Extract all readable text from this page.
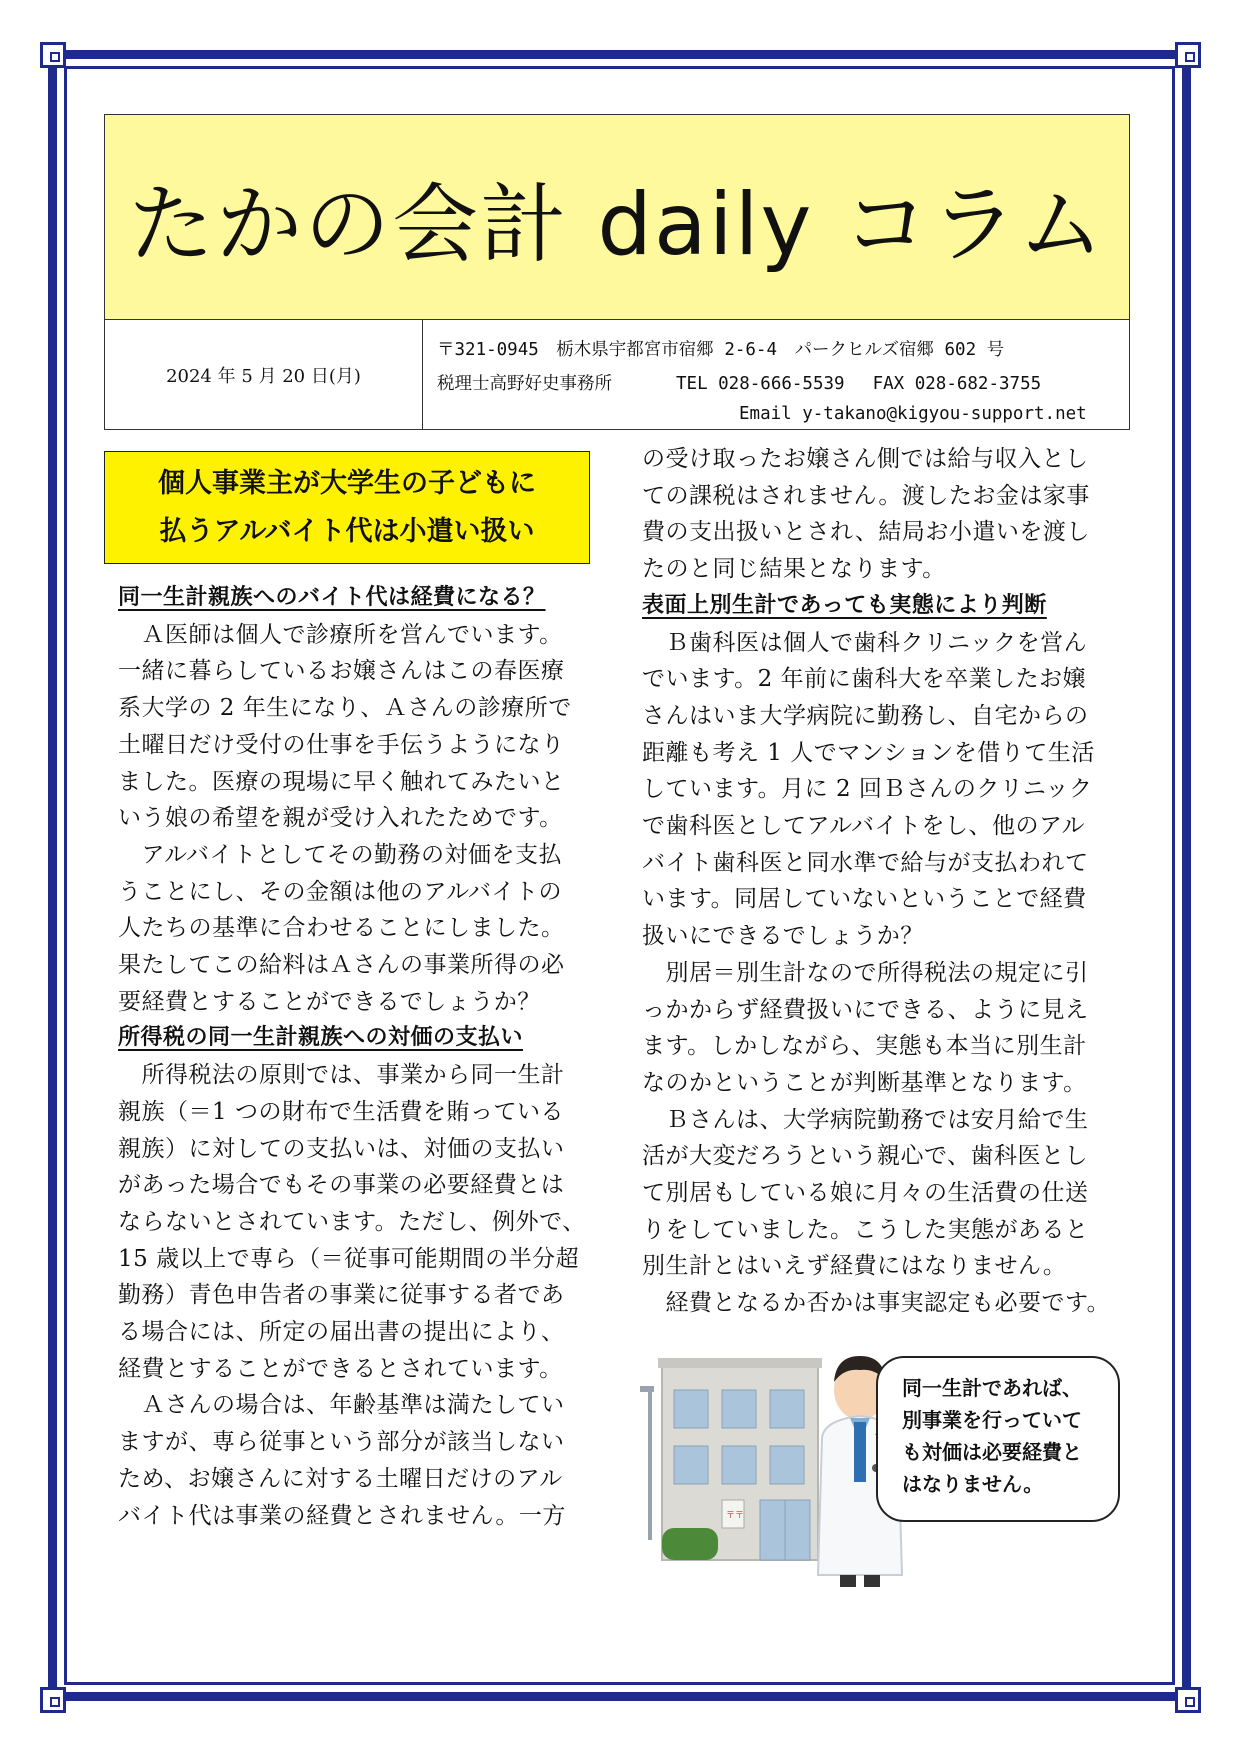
たかの会計 daily コラム
2024 年 5 月 20 日(月)
〒321-0945　栃木県宇都宮市宿郷 2-6-4　パークヒルズ宿郷 602 号
税理士高野好史事務所	TEL 028-666-5539 FAX 028-682-3755
Email y-takano@kigyou-support.net
個人事業主が大学生の子どもに
払うアルバイト代は小遣い扱い

同一生計親族へのバイト代は経費になる？

　Ａ医師は個人で診療所を営んでいます。

一緒に暮らしているお嬢さんはこの春医療

系大学の 2 年生になり、Ａさんの診療所で

土曜日だけ受付の仕事を手伝うようになり

ました。医療の現場に早く触れてみたいと

いう娘の希望を親が受け入れたためです。

　アルバイトとしてその勤務の対価を支払

うことにし、その金額は他のアルバイトの

人たちの基準に合わせることにしました。

果たしてこの給料はＡさんの事業所得の必

要経費とすることができるでしょうか？

所得税の同一生計親族への対価の支払い

　所得税法の原則では、事業から同一生計

親族（＝1 つの財布で生活費を賄っている

親族）に対しての支払いは、対価の支払い

があった場合でもその事業の必要経費とは

ならないとされています。ただし、例外で、

15 歳以上で専ら（＝従事可能期間の半分超

勤務）青色申告者の事業に従事する者であ

る場合には、所定の届出書の提出により、

経費とすることができるとされています。

　Ａさんの場合は、年齢基準は満たしてい

ますが、専ら従事という部分が該当しない

ため、お嬢さんに対する土曜日だけのアル

バイト代は事業の経費とされません。一方

の受け取ったお嬢さん側では給与収入とし

ての課税はされません。渡したお金は家事

費の支出扱いとされ、結局お小遣いを渡し

たのと同じ結果となります。

表面上別生計であっても実態により判断

　Ｂ歯科医は個人で歯科クリニックを営ん

でいます。2 年前に歯科大を卒業したお嬢

さんはいま大学病院に勤務し、自宅からの

距離も考え 1 人でマンションを借りて生活

しています。月に 2 回Ｂさんのクリニック

で歯科医としてアルバイトをし、他のアル

バイト歯科医と同水準で給与が支払われて

います。同居していないということで経費

扱いにできるでしょうか？

　別居＝別生計なので所得税法の規定に引

っかからず経費扱いにできる、ように見え

ます。しかしながら、実態も本当に別生計

なのかということが判断基準となります。

　Ｂさんは、大学病院勤務では安月給で生

活が大変だろうという親心で、歯科医とし

て別居もしている娘に月々の生活費の仕送

りをしていました。こうした実態があると

別生計とはいえず経費にはなりません。

　経費となるか否かは事実認定も必要です。

〒〒

同一生計であれば、

別事業を行っていて

も対価は必要経費と

はなりません。
